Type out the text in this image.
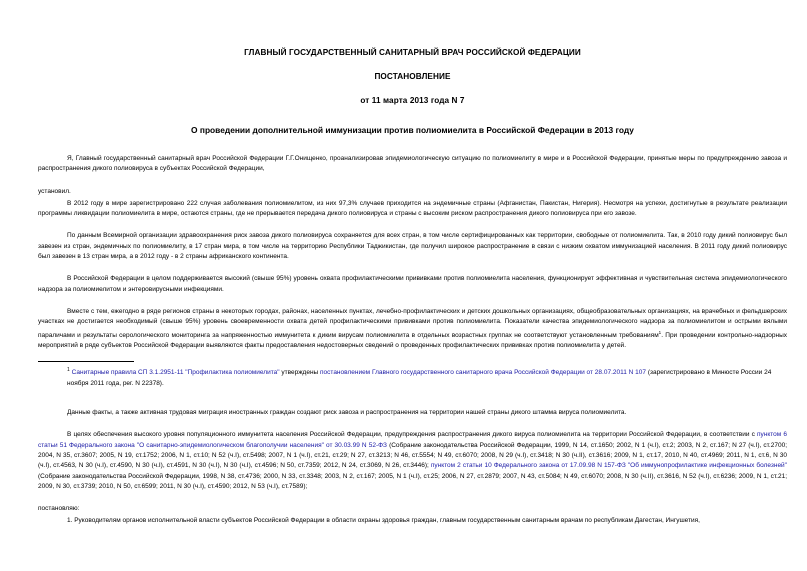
ГЛАВНЫЙ ГОСУДАРСТВЕННЫЙ САНИТАРНЫЙ ВРАЧ РОССИЙСКОЙ ФЕДЕРАЦИИ
ПОСТАНОВЛЕНИЕ
от 11 марта 2013 года N 7
О проведении дополнительной иммунизации против полиомиелита в Российской Федерации в 2013 году

Я, Главный государственный санитарный врач Российской Федерации Г.Г.Онищенко, проанализировав эпидемиологическую ситуацию по полиомиелиту в мире и в Российской Федерации, принятые меры по предупреждению завоза и распространения дикого полиовируса в субъектах Российской Федерации,

установил.

В 2012 году в мире зарегистрировано 222 случая заболевания полиомиелитом, из них 97,3% случаев приходится на эндемичные страны (Афганистан, Пакистан, Нигерия). Несмотря на успехи, достигнутые в результате реализации программы ликвидации полиомиелита в мире, остаются страны, где не прерывается передача дикого полиовируса и страны с высоким риском распространения дикого полиовируса при его завозе.

По данным Всемирной организации здравоохранения риск завоза дикого полиовируса сохраняется для всех стран, в том числе сертифицированных как территории, свободные от полиомиелита. Так, в 2010 году дикий полиовирус был завезен из стран, эндемичных по полиомиелиту, в 17 стран мира, в том числе на территорию Республики Таджикистан, где получил широкое распространение в связи с низким охватом иммунизацией населения. В 2011 году дикий полиовирус был завезен в 13 стран мира, а в 2012 году - в 2 страны африканского континента.

В Российской Федерации в целом поддерживается высокий (свыше 95%) уровень охвата профилактическими прививками против полиомиелита населения, функционирует эффективная и чувствительная система эпидемиологического надзора за полиомиелитом и энтеровирусными инфекциями.

Вместе с тем, ежегодно в ряде регионов страны в некоторых городах, районах, населенных пунктах, лечебно-профилактических и детских дошкольных организациях, общеобразовательных организациях, на врачебных и фельдшерских участках не достигается необходимый (свыше 95%) уровень своевременности охвата детей профилактическими прививками против полиомиелита. Показатели качества эпидемиологического надзора за полиомиелитом и острыми вялыми параличами и результаты серологического мониторинга за напряженностью иммунитета к диким вирусам полиомиелита в отдельных возрастных группах не соответствуют установленным требованиям$^1$. При проведении контрольно-надзорных мероприятий в ряде субъектов Российской Федерации выявляются факты предоставления недостоверных сведений о проведенных профилактических прививках против полиомиелита у детей.

$^1$ Санитарные правила СП 3.1.2951-11 "Профилактика полиомиелита" утверждены постановлением Главного государственного санитарного врача Российской Федерации от 28.07.2011 N 107 (зарегистрировано в Минюсте России 24 ноября 2011 года, рег. N 22378).

Данные факты, а также активная трудовая миграция иностранных граждан создают риск завоза и распространения на территории нашей страны дикого штамма вируса полиомиелита.

В целях обеспечения высокого уровня популяционного иммунитета населения Российской Федерации, предупреждения распространения дикого вируса полиомиелита на территории Российской Федерации, в соответствии с пунктом 6 статьи 51 Федерального закона "О санитарно-эпидемиологическом благополучии населения" от 30.03.99 N 52-ФЗ (Собрание законодательства Российской Федерации, 1999, N 14, ст.1650; 2002, N 1 (ч.I), ст.2; 2003, N 2, ст.167; N 27 (ч.I), ст.2700; 2004, N 35, ст.3607; 2005, N 19, ст.1752; 2006, N 1, ст.10; N 52 (ч.I), ст.5498; 2007, N 1 (ч.I), ст.21, ст.29; N 27, ст.3213; N 46, ст.5554; N 49, ст.6070; 2008, N 29 (ч.I), ст.3418; N 30 (ч.II), ст.3616; 2009, N 1, ст.17, 2010, N 40, ст.4969; 2011, N 1, ст.6, N 30 (ч.I), ст.4563, N 30 (ч.I), ст.4590, N 30 (ч.I), ст.4591, N 30 (ч.I), N 30 (ч.I), ст.4596; N 50, ст.7359; 2012, N 24, ст.3069, N 26, ст.3446); пунктом 2 статьи 10 Федерального закона от 17.09.98 N 157-ФЗ "Об иммунопрофилактике инфекционных болезней"(Собрание законодательства Российской Федерации, 1998, N 38, ст.4736; 2000, N 33, ст.3348; 2003, N 2, ст.167; 2005, N 1 (ч.I), ст.25; 2006, N 27, ст.2879; 2007, N 43, ст.5084; N 49, ст.6070; 2008, N 30 (ч.II), ст.3616, N 52 (ч.I), ст.6236; 2009, N 1, ст.21; 2009, N 30, ст.3739; 2010, N 50, ст.6599; 2011, N 30 (ч.I), ст.4590; 2012, N 53 (ч.I), ст.7589);

постановляю:

1. Руководителям органов исполнительной власти субъектов Российской Федерации в области охраны здоровья граждан, главным государственным санитарным врачам по республикам Дагестан, Ингушетия,
